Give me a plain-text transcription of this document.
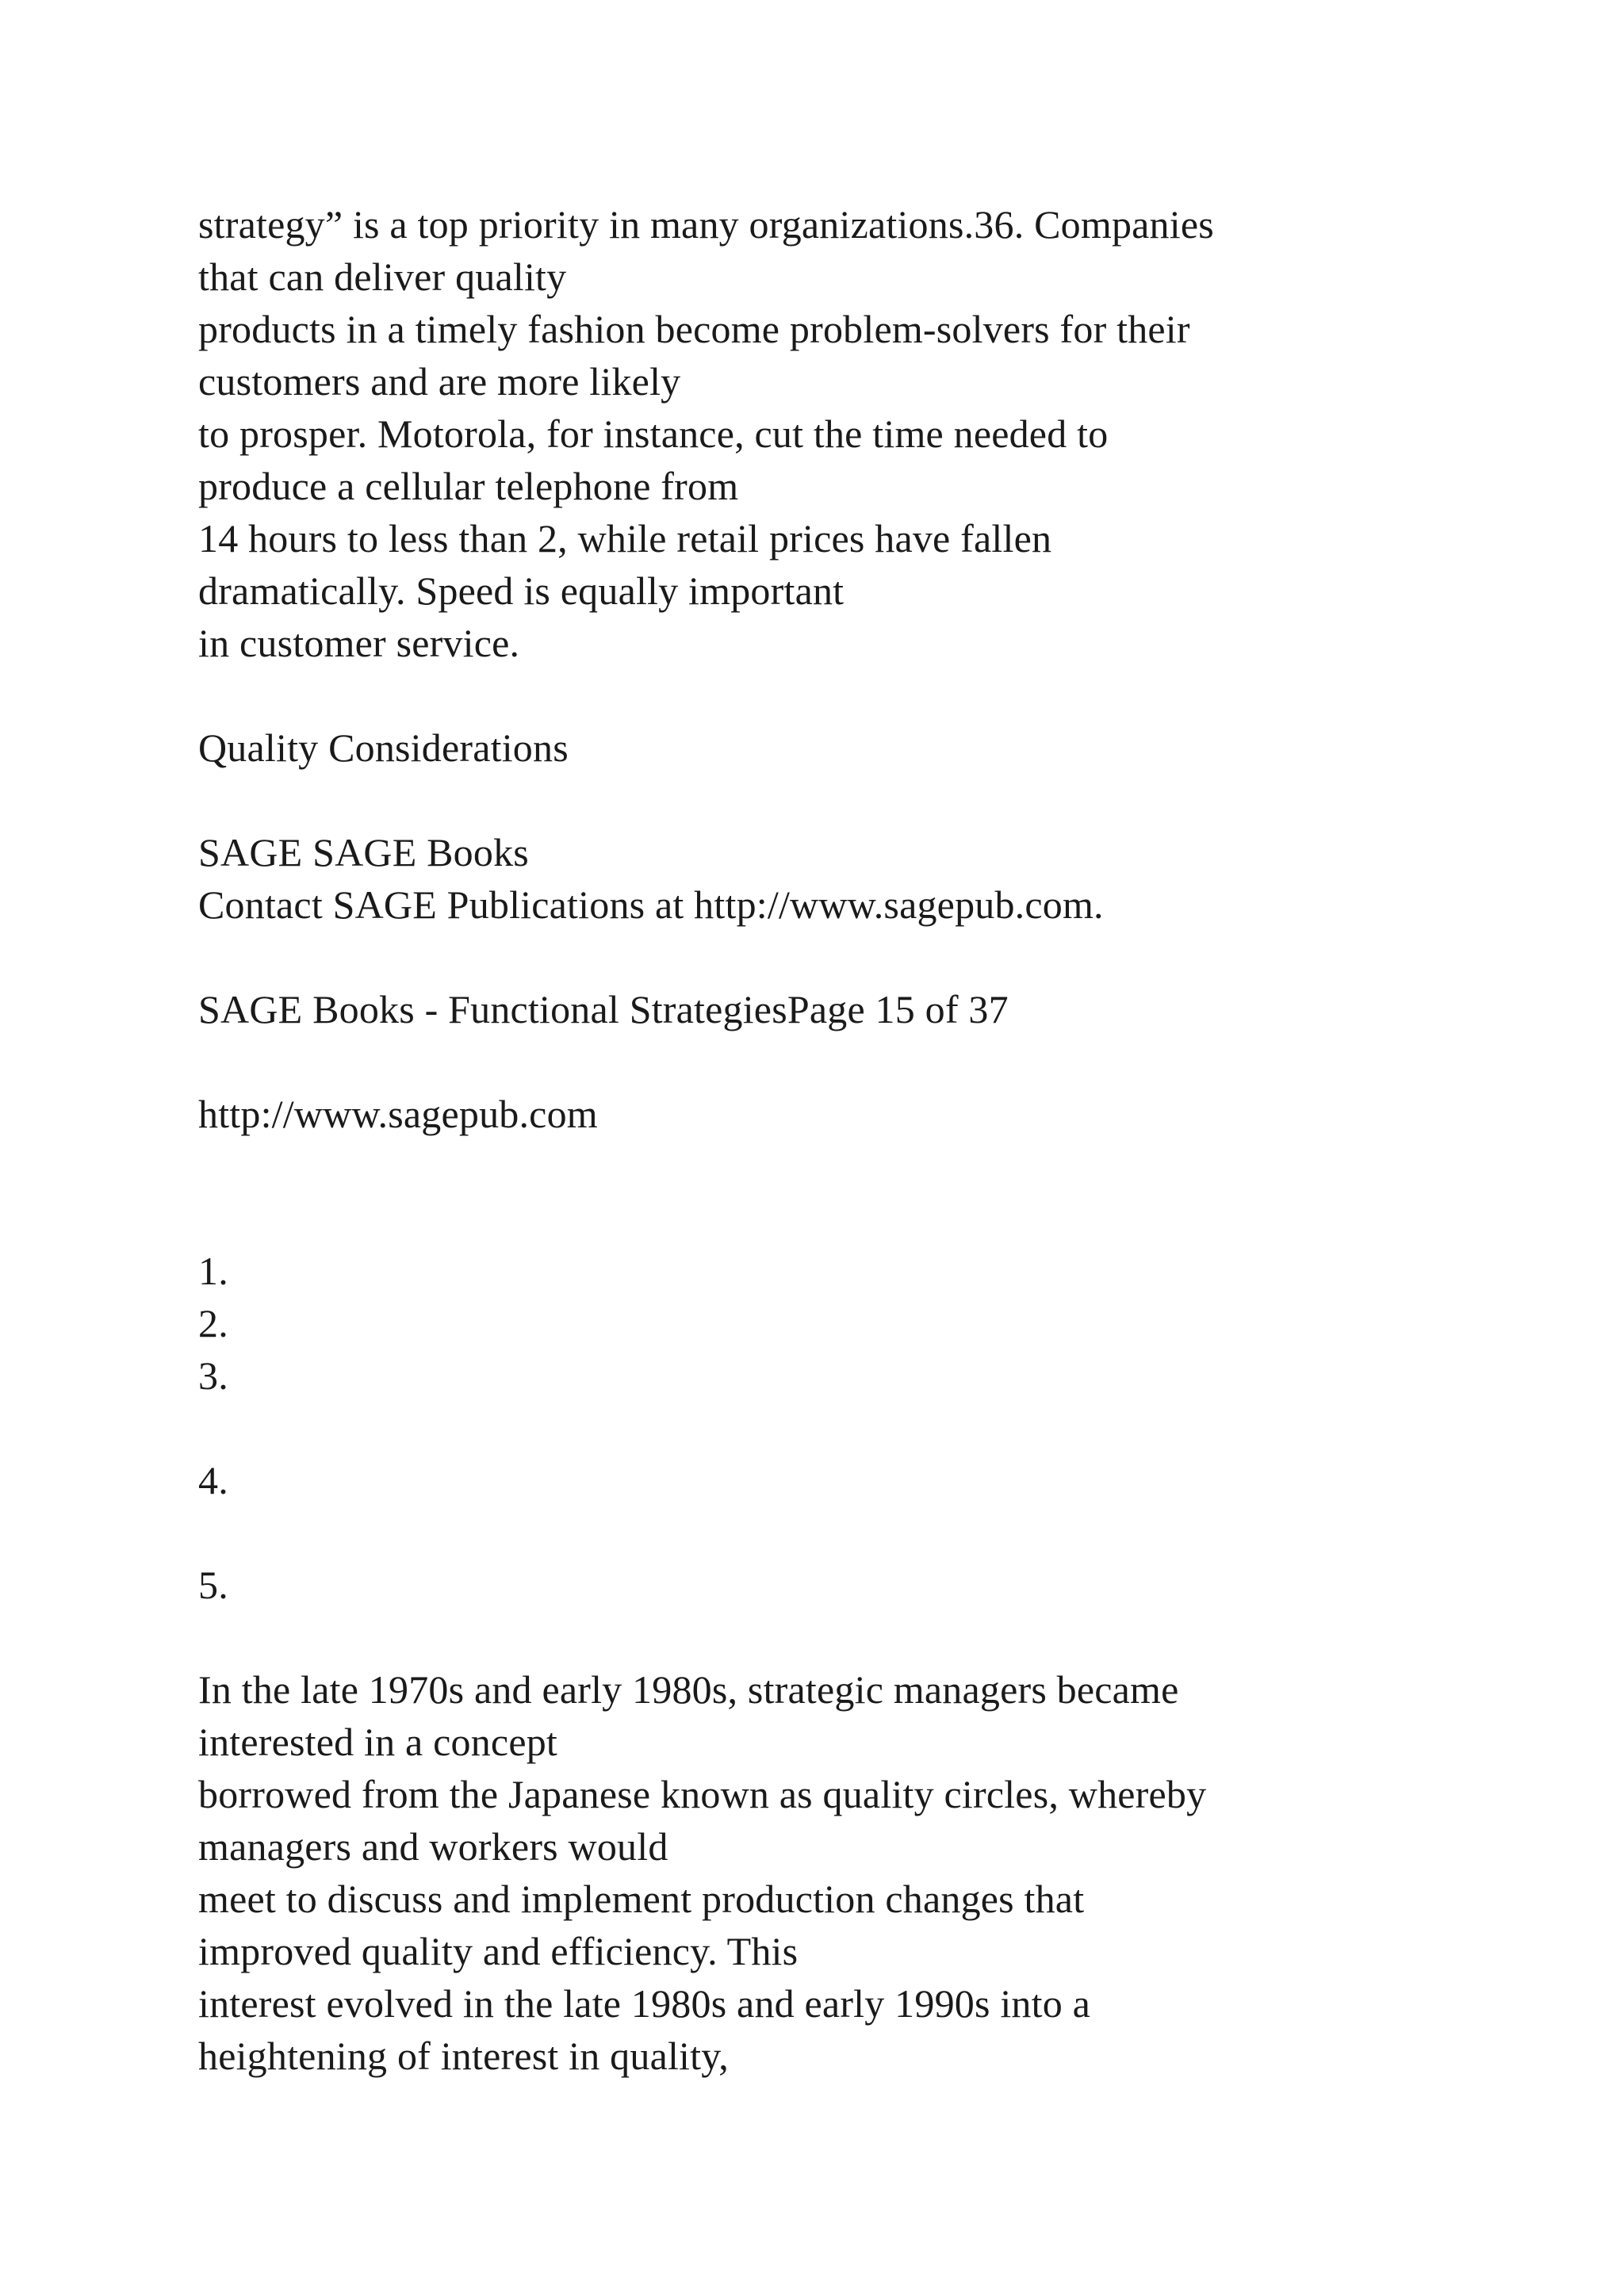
strategy” is a top priority in many organizations.36. Companies

that can deliver quality

products in a timely fashion become problem-solvers for their

customers and are more likely

to prosper. Motorola, for instance, cut the time needed to

produce a cellular telephone from

14 hours to less than 2, while retail prices have fallen

dramatically. Speed is equally important

in customer service.

Quality Considerations

SAGE SAGE Books

Contact SAGE Publications at http://www.sagepub.com.

SAGE Books - Functional StrategiesPage 15 of 37

http://www.sagepub.com

1.

2.

3.

4.

5.

In the late 1970s and early 1980s, strategic managers became

interested in a concept

borrowed from the Japanese known as quality circles, whereby

managers and workers would

meet to discuss and implement production changes that

improved quality and efficiency. This

interest evolved in the late 1980s and early 1990s into a

heightening of interest in quality,
